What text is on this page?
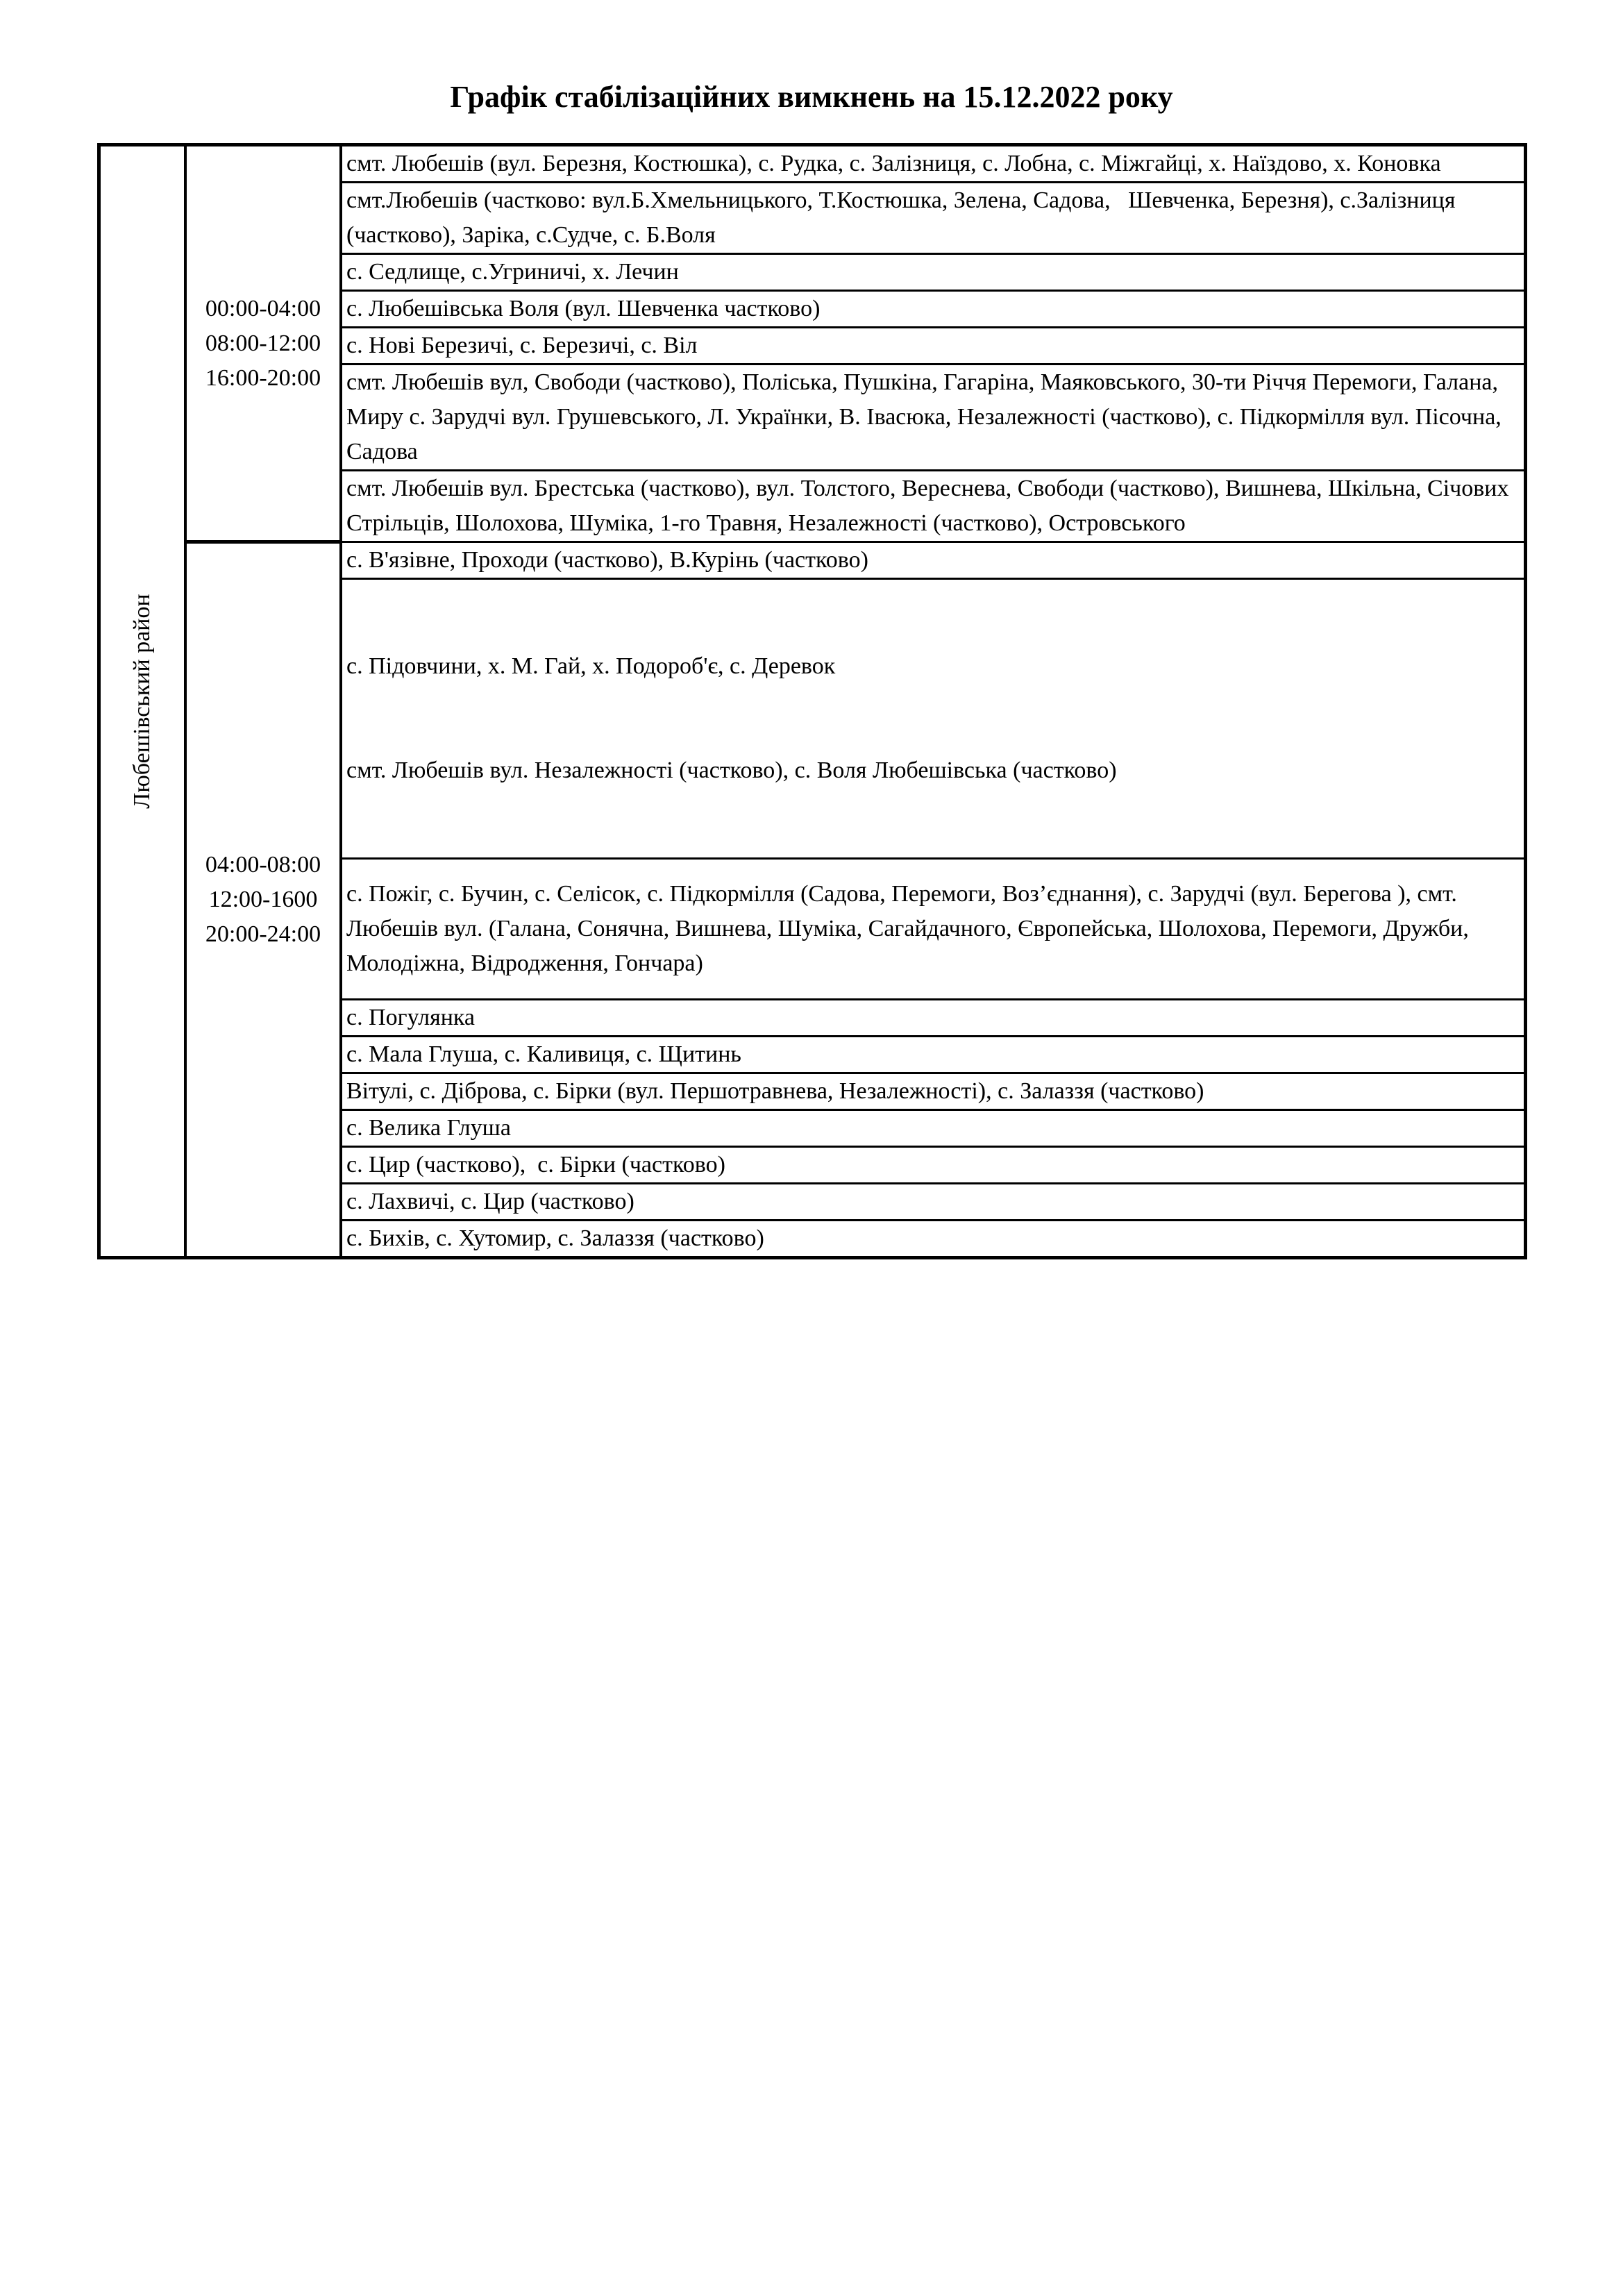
Графік стабілізаційних вимкнень на 15.12.2022 року
Любешівський район	00:00-04:00
08:00-12:00
16:00-20:00	смт. Любешів (вул. Березня, Костюшка), с. Рудка, с. Залізниця, с. Лобна, с. Міжгайці, х. Наїздово, х. Коновка

		смт.Любешів (частково: вул.Б.Хмельницького, Т.Костюшка, Зелена, Садова,   Шевченка, Березня), с.Залізниця  (частково), Заріка, с.Судче, с. Б.Воля

		с. Седлище, с.Угриничі, х. Лечин

		с. Любешівська Воля (вул. Шевченка частково)

		с. Нові Березичі, с. Березичі, с. Віл

		смт. Любешів вул, Свободи (частково), Поліська, Пушкіна, Гагаріна, Маяковського, 30-ти Річчя Перемоги, Галана, Миру с. Зарудчі вул. Грушевського, Л. Українки, В. Івасюка, Незалежності (частково), с. Підкормілля вул. Пісочна, Садова

		смт. Любешів вул. Брестська (частково), вул. Толстого, Вереснева, Свободи (частково), Вишнева, Шкільна, Січових Стрільців, Шолохова, Шуміка, 1-го Травня, Незалежності (частково), Островського

	04:00-08:00
12:00-1600
20:00-24:00	с. В'язівне, Проходи (частково), В.Курінь (частково)

		с. Підовчини, х. М. Гай, х. Подороб'є, с. Деревок

смт. Любешів вул. Незалежності (частково), с. Воля Любешівська (частково)

		с. Пожіг, с. Бучин, с. Селісок, с. Підкормілля (Садова, Перемоги, Воз’єднання), с. Зарудчі (вул. Берегова ), смт. Любешів вул. (Галана, Сонячна, Вишнева, Шуміка, Сагайдачного, Європейська, Шолохова, Перемоги, Дружби, Молодіжна, Відродження, Гончара)

		с. Погулянка

		с. Мала Глуша, с. Каливиця, с. Щитинь

		Вітулі, с. Діброва, с. Бірки (вул. Першотравнева, Незалежності), с. Залаззя (частково)

		с. Велика Глуша

		с. Цир (частково),  с. Бірки (частково)

		с. Лахвичі, с. Цир (частково)

		с. Бихів, с. Хутомир, с. Залаззя (частково)
